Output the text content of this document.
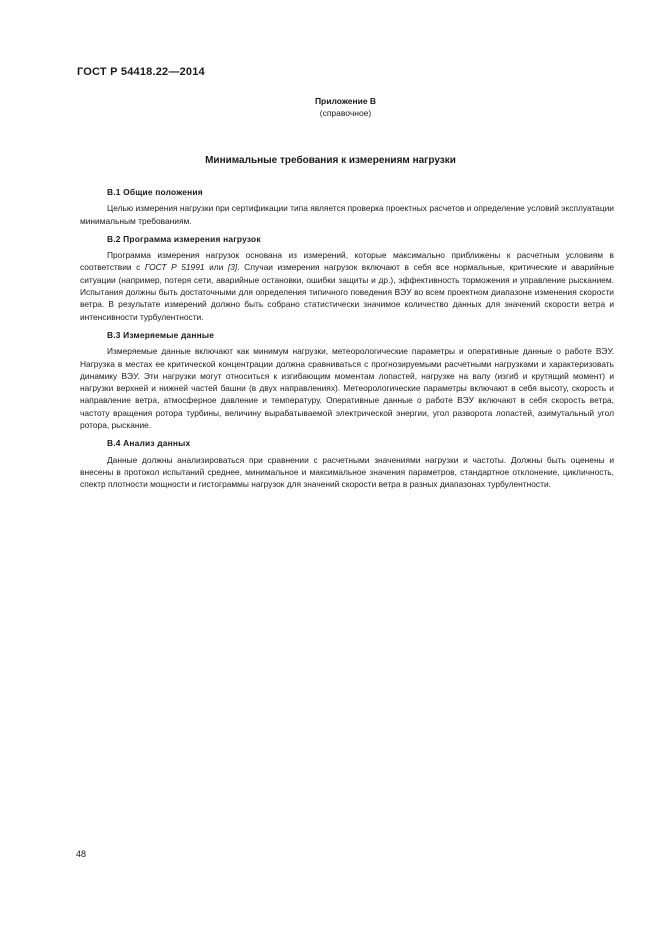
ГОСТ Р 54418.22—2014
Приложение В
(справочное)
Минимальные требования к измерениям нагрузки

В.1 Общие положения

Целью измерения нагрузки при сертификации типа является проверка проектных расчетов и определение условий эксплуатации минимальным требованиям.

В.2 Программа измерения нагрузок

Программа измерения нагрузок основана из измерений, которые максимально приближены к расчетным условиям в соответствии с ГОСТ Р 51991 или [3]. Случаи измерения нагрузок включают в себя все нормальные, критические и аварийные ситуации (например, потеря сети, аварийные остановки, ошибки защиты и др.), эффективность торможения и управление рысканием. Испытания должны быть достаточными для определения типичного поведения ВЭУ во всем проектном диапазоне изменения скорости ветра. В результате измерений должно быть собрано статистически значимое количество данных для значений скорости ветра и интенсивности турбулентности.

В.3 Измеряемые данные

Измеряемые данные включают как минимум нагрузки, метеорологические параметры и оперативные данные о работе ВЭУ. Нагрузка в местах ее критической концентрации должна сравниваться с прогнозируемыми расчетными нагрузками и характеризовать динамику ВЭУ. Эти нагрузки могут относиться к изгибающим моментам лопастей, нагрузке на валу (изгиб и крутящий момент) и нагрузки верхней и нижней частей башни (в двух направлениях). Метеорологические параметры включают в себя высоту, скорость и направление ветра, атмосферное давление и температуру. Оперативные данные о работе ВЭУ включают в себя скорость ветра, частоту вращения ротора турбины, величину вырабатываемой электрической энергии, угол разворота лопастей, азимутальный угол ротора, рыскание.

В.4 Анализ данных

Данные должны анализироваться при сравнении с расчетными значениями нагрузки и частоты. Должны быть оценены и внесены в протокол испытаний среднее, минимальное и максимальное значения параметров, стандартное отклонение, цикличность, спектр плотности мощности и гистограммы нагрузок для значений скорости ветра в разных диапазонах турбулентности.

48
